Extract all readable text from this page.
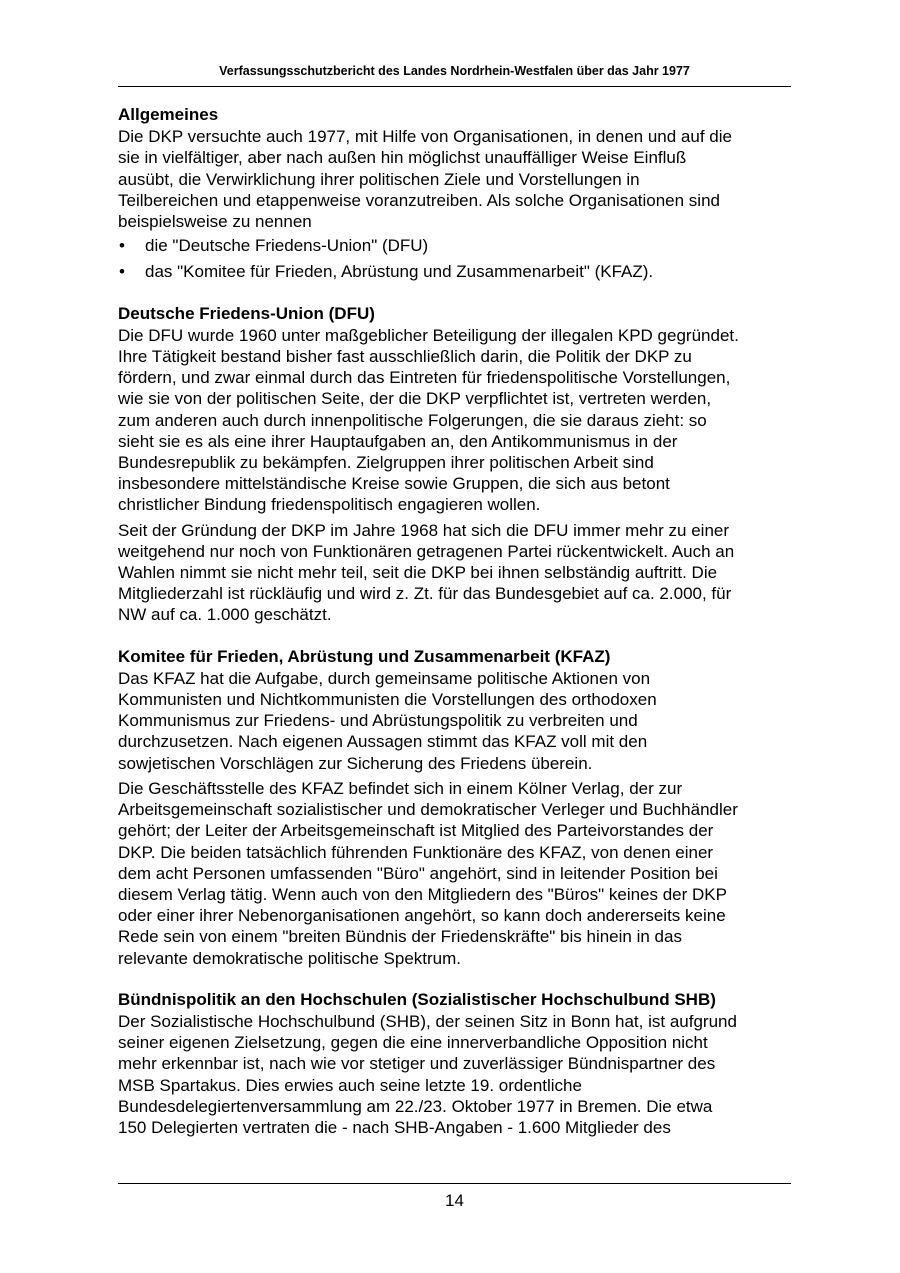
Verfassungsschutzbericht des Landes Nordrhein-Westfalen über das Jahr 1977
Allgemeines
Die DKP versuchte auch 1977, mit Hilfe von Organisationen, in denen und auf die
sie in vielfältiger, aber nach außen hin möglichst unauffälliger Weise Einfluß
ausübt, die Verwirklichung ihrer politischen Ziele und Vorstellungen in
Teilbereichen und etappenweise voranzutreiben. Als solche Organisationen sind
beispielsweise zu nennen
• die "Deutsche Friedens-Union" (DFU)
• das "Komitee für Frieden, Abrüstung und Zusammenarbeit" (KFAZ).
Deutsche Friedens-Union (DFU)
Die DFU wurde 1960 unter maßgeblicher Beteiligung der illegalen KPD gegründet.
Ihre Tätigkeit bestand bisher fast ausschließlich darin, die Politik der DKP zu
fördern, und zwar einmal durch das Eintreten für friedenspolitische Vorstellungen,
wie sie von der politischen Seite, der die DKP verpflichtet ist, vertreten werden,
zum anderen auch durch innenpolitische Folgerungen, die sie daraus zieht: so
sieht sie es als eine ihrer Hauptaufgaben an, den Antikommunismus in der
Bundesrepublik zu bekämpfen. Zielgruppen ihrer politischen Arbeit sind
insbesondere mittelständische Kreise sowie Gruppen, die sich aus betont
christlicher Bindung friedenspolitisch engagieren wollen.
Seit der Gründung der DKP im Jahre 1968 hat sich die DFU immer mehr zu einer
weitgehend nur noch von Funktionären getragenen Partei rückentwickelt. Auch an
Wahlen nimmt sie nicht mehr teil, seit die DKP bei ihnen selbständig auftritt. Die
Mitgliederzahl ist rückläufig und wird z. Zt. für das Bundesgebiet auf ca. 2.000, für
NW auf ca. 1.000 geschätzt.
Komitee für Frieden, Abrüstung und Zusammenarbeit (KFAZ)
Das KFAZ hat die Aufgabe, durch gemeinsame politische Aktionen von
Kommunisten und Nichtkommunisten die Vorstellungen des orthodoxen
Kommunismus zur Friedens- und Abrüstungspolitik zu verbreiten und
durchzusetzen. Nach eigenen Aussagen stimmt das KFAZ voll mit den
sowjetischen Vorschlägen zur Sicherung des Friedens überein.
Die Geschäftsstelle des KFAZ befindet sich in einem Kölner Verlag, der zur
Arbeitsgemeinschaft sozialistischer und demokratischer Verleger und Buchhändler
gehört; der Leiter der Arbeitsgemeinschaft ist Mitglied des Parteivorstandes der
DKP. Die beiden tatsächlich führenden Funktionäre des KFAZ, von denen einer
dem acht Personen umfassenden "Büro" angehört, sind in leitender Position bei
diesem Verlag tätig. Wenn auch von den Mitgliedern des "Büros" keines der DKP
oder einer ihrer Nebenorganisationen angehört, so kann doch andererseits keine
Rede sein von einem "breiten Bündnis der Friedenskräfte" bis hinein in das
relevante demokratische politische Spektrum.
Bündnispolitik an den Hochschulen (Sozialistischer Hochschulbund SHB)
Der Sozialistische Hochschulbund (SHB), der seinen Sitz in Bonn hat, ist aufgrund
seiner eigenen Zielsetzung, gegen die eine innerverbandliche Opposition nicht
mehr erkennbar ist, nach wie vor stetiger und zuverlässiger Bündnispartner des
MSB Spartakus. Dies erwies auch seine letzte 19. ordentliche
Bundesdelegiertenversammlung am 22./23. Oktober 1977 in Bremen. Die etwa
150 Delegierten vertraten die - nach SHB-Angaben - 1.600 Mitglieder des
14
